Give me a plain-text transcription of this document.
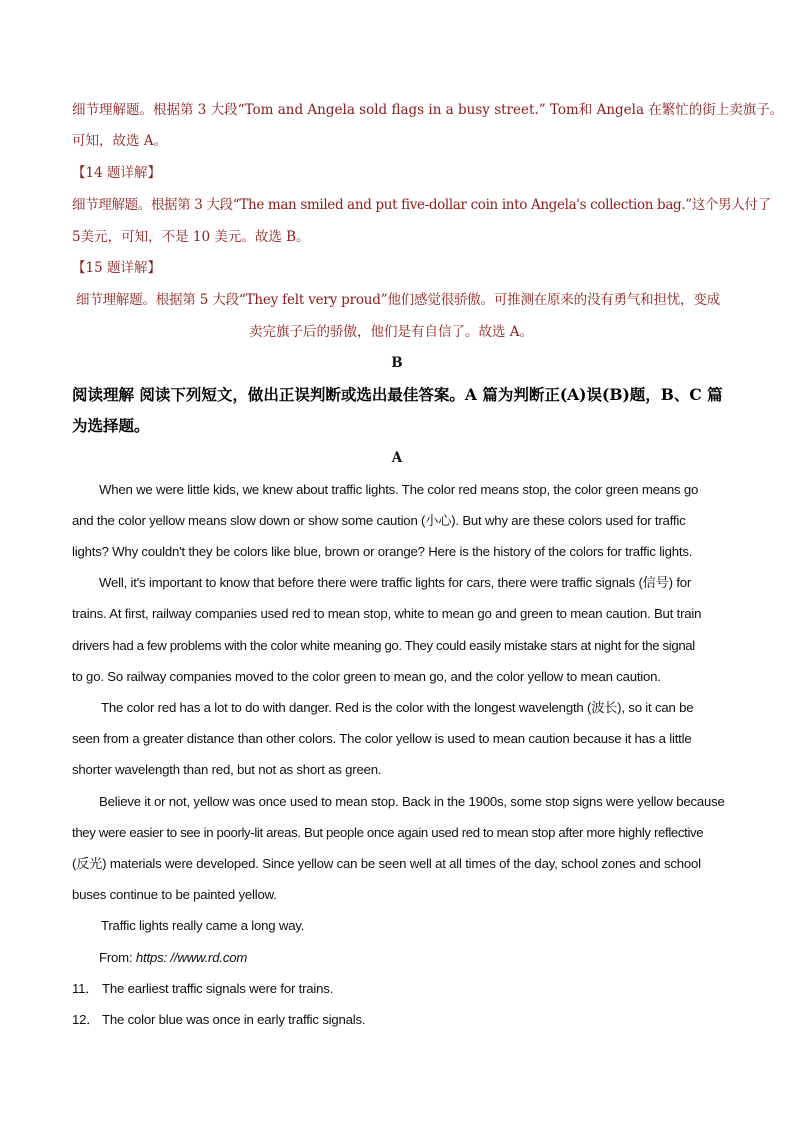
细节理解题。根据第 3 大段“Tom and Angela sold flags in a busy street.” Tom和 Angela 在繁忙的街上卖旗子。
可知，故选 A。
【14 题详解】
细节理解题。根据第 3 大段“The man smiled and put five-dollar coin into Angela's collection bag.”这个男人付了
5美元，可知，不是 10 美元。故选 B。
【15 题详解】
细节理解题。根据第 5 大段“They felt very proud”他们感觉很骄傲。可推测在原来的没有勇气和担忧，变成
卖完旗子后的骄傲，他们是有自信了。故选 A。
B
阅读理解 阅读下列短文，做出正误判断或选出最佳答案。A 篇为判断正(A)误(B)题，B、C 篇
为选择题。
A
When we were little kids, we knew about traffic lights. The color red means stop, the color green means go
and the color yellow means slow down or show some caution (小心). But why are these colors used for traffic
lights? Why couldn't they be colors like blue, brown or orange? Here is the history of the colors for traffic lights.
Well, it's important to know that before there were traffic lights for cars, there were traffic signals (信号) for
trains. At first, railway companies used red to mean stop, white to mean go and green to mean caution. But train
drivers had a few problems with the color white meaning go. They could easily mistake stars at night for the signal
to go. So railway companies moved to the color green to mean go, and the color yellow to mean caution.
The color red has a lot to do with danger. Red is the color with the longest wavelength (波长), so it can be
seen from a greater distance than other colors. The color yellow is used to mean caution because it has a little
shorter wavelength than red, but not as short as green.
Believe it or not, yellow was once used to mean stop. Back in the 1900s, some stop signs were yellow because
they were easier to see in poorly-lit areas. But people once again used red to mean stop after more highly reflective
(反光) materials were developed. Since yellow can be seen well at all times of the day, school zones and school
buses continue to be painted yellow.
Traffic lights really came a long way.
From: https: //www.rd.com
11． The earliest traffic signals were for trains.
12． The color blue was once in early traffic signals.
